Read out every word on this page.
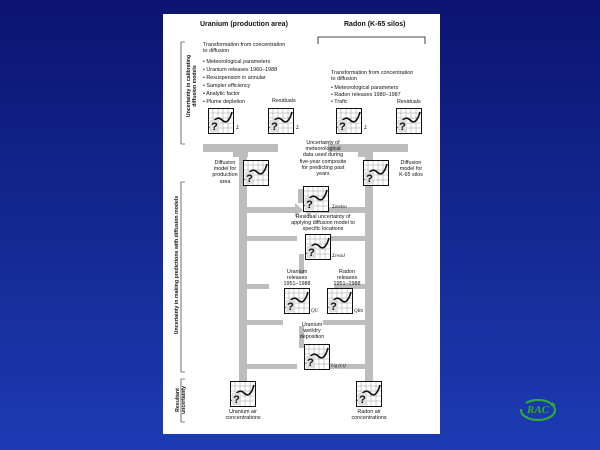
Uranium (production area)	Radon (K-65 silos)
Uncertainty in calibrating
diffusion models
Uncertainty in making predictions with diffusion models
Resultant
uncertainty
Transformation from concentration
to diffusion
• Meteorological parameters
• Uranium releases 1960–1988
• Resuspension in annular
• Sampler efficiency
• Analytic factor
• Plume depletion	Residuals
Transformation from concentration
to diffusion
• Meteorological parameters
• Radon releases 1980–1987
• Trafic	Residuals
?	?	?	?
Σ	Σ	Σ
Uncertainty of
meteorological
data used during
five-year composite
for predicting past
years
Diffusion
model for
production
area	?	?
Diffusion
model for
K-65 silos
?	Σmeteo
Residual uncertainty of
applying diffusion model to
specific locations
?	Σresid
Uranium
releases
1951–1988
Radon
releases
1951–1988
?	?
QU	QRn
Uranium
wet/dry
deposition
?	Ug (r,t)
?	?
Uranium air
concentrations
Radon air
concentrations
RAC
